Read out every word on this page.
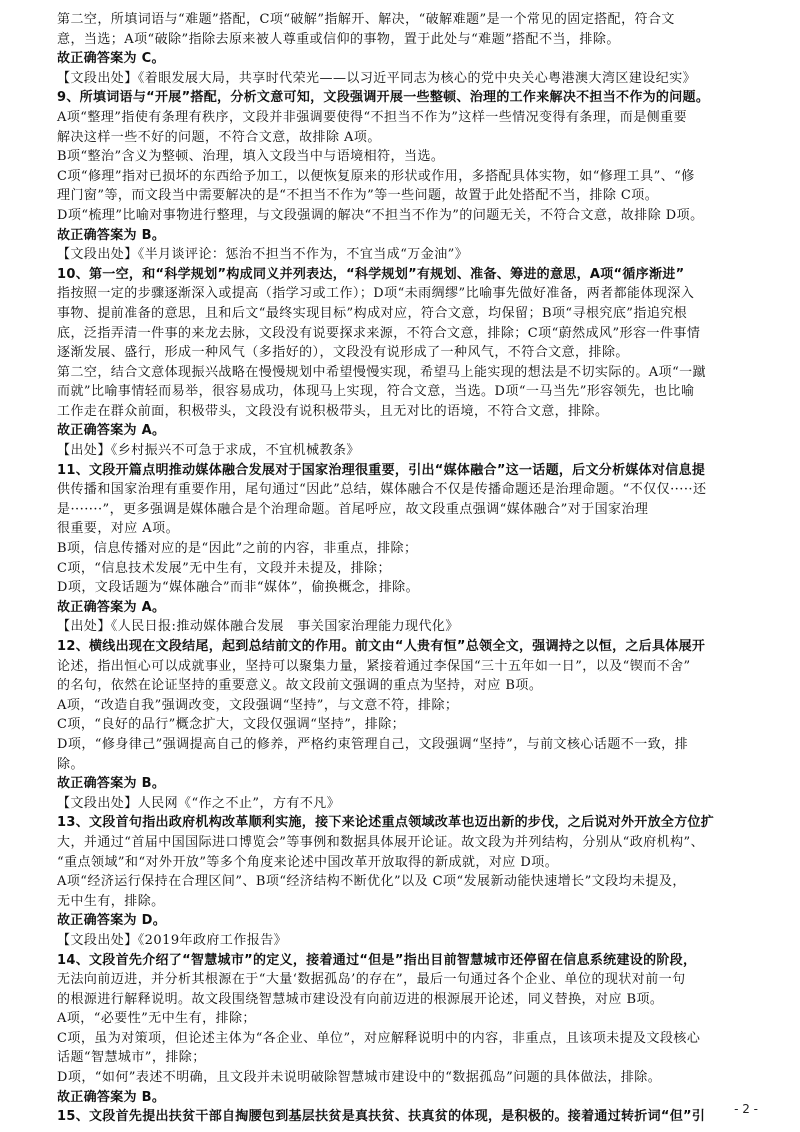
第二空，所填词语与“难题”搭配，C项“破解”指解开、解决，“破解难题”是一个常见的固定搭配，符合文
意，当选；A项“破除”指除去原来被人尊重或信仰的事物，置于此处与“难题”搭配不当，排除。
故正确答案为 C。
【文段出处】《着眼发展大局，共享时代荣光——以习近平同志为核心的党中央关心粤港澳大湾区建设纪实》
9、所填词语与“开展”搭配，分析文意可知，文段强调开展一些整顿、治理的工作来解决不担当不作为的问题。
A项“整理”指使有条理有秩序，文段并非强调要使得“不担当不作为”这样一些情况变得有条理，而是侧重要
解决这样一些不好的问题，不符合文意，故排除 A项。
B项“整治”含义为整顿、治理，填入文段当中与语境相符，当选。
C项“修理”指对已损坏的东西给予加工，以便恢复原来的形状或作用，多搭配具体实物，如“修理工具”、“修
理门窗”等，而文段当中需要解决的是“不担当不作为”等一些问题，故置于此处搭配不当，排除 C项。
D项“梳理”比喻对事物进行整理，与文段强调的解决“不担当不作为”的问题无关，不符合文意，故排除 D项。
故正确答案为 B。
【文段出处】《半月谈评论：惩治不担当不作为，不宜当成“万金油”》
10、第一空，和“科学规划”构成同义并列表达，“科学规划”有规划、准备、筹进的意思，A项“循序渐进”
指按照一定的步骤逐渐深入或提高（指学习或工作）；D项“未雨绸缪”比喻事先做好准备，两者都能体现深入
事物、提前准备的意思，且和后文“最终实现目标”构成对应，符合文意，均保留；B项“寻根究底”指追究根
底，泛指弄清一件事的来龙去脉，文段没有说要探求来源，不符合文意，排除；C项“蔚然成风”形容一件事情
逐渐发展、盛行，形成一种风气（多指好的），文段没有说形成了一种风气，不符合文意，排除。
第二空，结合文意体现振兴战略在慢慢规划中希望慢慢实现，希望马上能实现的想法是不切实际的。A项“一蹴
而就”比喻事情轻而易举，很容易成功，体现马上实现，符合文意，当选。D项“一马当先”形容领先，也比喻
工作走在群众前面，积极带头，文段没有说积极带头，且无对比的语境，不符合文意，排除。
故正确答案为 A。
【出处】《乡村振兴不可急于求成，不宜机械教条》
11、文段开篇点明推动媒体融合发展对于国家治理很重要，引出“媒体融合”这一话题，后文分析媒体对信息提
供传播和国家治理有重要作用，尾句通过“因此”总结，媒体融合不仅是传播命题还是治理命题。“不仅仅·····还
是·······”，更多强调是媒体融合是个治理命题。首尾呼应，故文段重点强调“媒体融合”对于国家治理
很重要，对应 A项。
B项，信息传播对应的是“因此”之前的内容，非重点，排除；
C项，“信息技术发展”无中生有，文段并未提及，排除；
D项，文段话题为“媒体融合”而非“媒体”，偷换概念，排除。
故正确答案为 A。
【出处】《人民日报:推动媒体融合发展　事关国家治理能力现代化》
12、横线出现在文段结尾，起到总结前文的作用。前文由“人贵有恒”总领全文，强调持之以恒，之后具体展开
论述，指出恒心可以成就事业，坚持可以聚集力量，紧接着通过李保国“三十五年如一日”，以及“锲而不舍”
的名句，依然在论证坚持的重要意义。故文段前文强调的重点为坚持，对应 B项。
A项，“改造自我”强调改变，文段强调“坚持”，与文意不符，排除；
C项，“良好的品行”概念扩大，文段仅强调“坚持”，排除；
D项，“修身律己”强调提高自己的修养，严格约束管理自己，文段强调“坚持”，与前文核心话题不一致，排
除。
故正确答案为 B。
【文段出处】人民网《“作之不止”，方有不凡》
13、文段首句指出政府机构改革顺利实施，接下来论述重点领域改革也迈出新的步伐，之后说对外开放全方位扩
大，并通过“首届中国国际进口博览会”等事例和数据具体展开论证。故文段为并列结构，分别从“政府机构”、
“重点领域”和“对外开放”等多个角度来论述中国改革开放取得的新成就，对应 D项。
A项“经济运行保持在合理区间”、B项“经济结构不断优化”以及 C项“发展新动能快速增长”文段均未提及，
无中生有，排除。
故正确答案为 D。
【文段出处】《2019年政府工作报告》
14、文段首先介绍了“智慧城市”的定义，接着通过“但是”指出目前智慧城市还停留在信息系统建设的阶段，
无法向前迈进，并分析其根源在于“大量‘数据孤岛’的存在”，最后一句通过各个企业、单位的现状对前一句
的根源进行解释说明。故文段围绕智慧城市建设没有向前迈进的根源展开论述，同义替换，对应 B项。
A项，“必要性”无中生有，排除；
C项，虽为对策项，但论述主体为“各企业、单位”，对应解释说明中的内容，非重点，且该项未提及文段核心
话题“智慧城市”，排除；
D项，“如何”表述不明确，且文段并未说明破除智慧城市建设中的“数据孤岛”问题的具体做法，排除。
故正确答案为 B。
15、文段首先提出扶贫干部自掏腰包到基层扶贫是真扶贫、扶真贫的体现，是积极的。接着通过转折词“但”引
- 2 -
